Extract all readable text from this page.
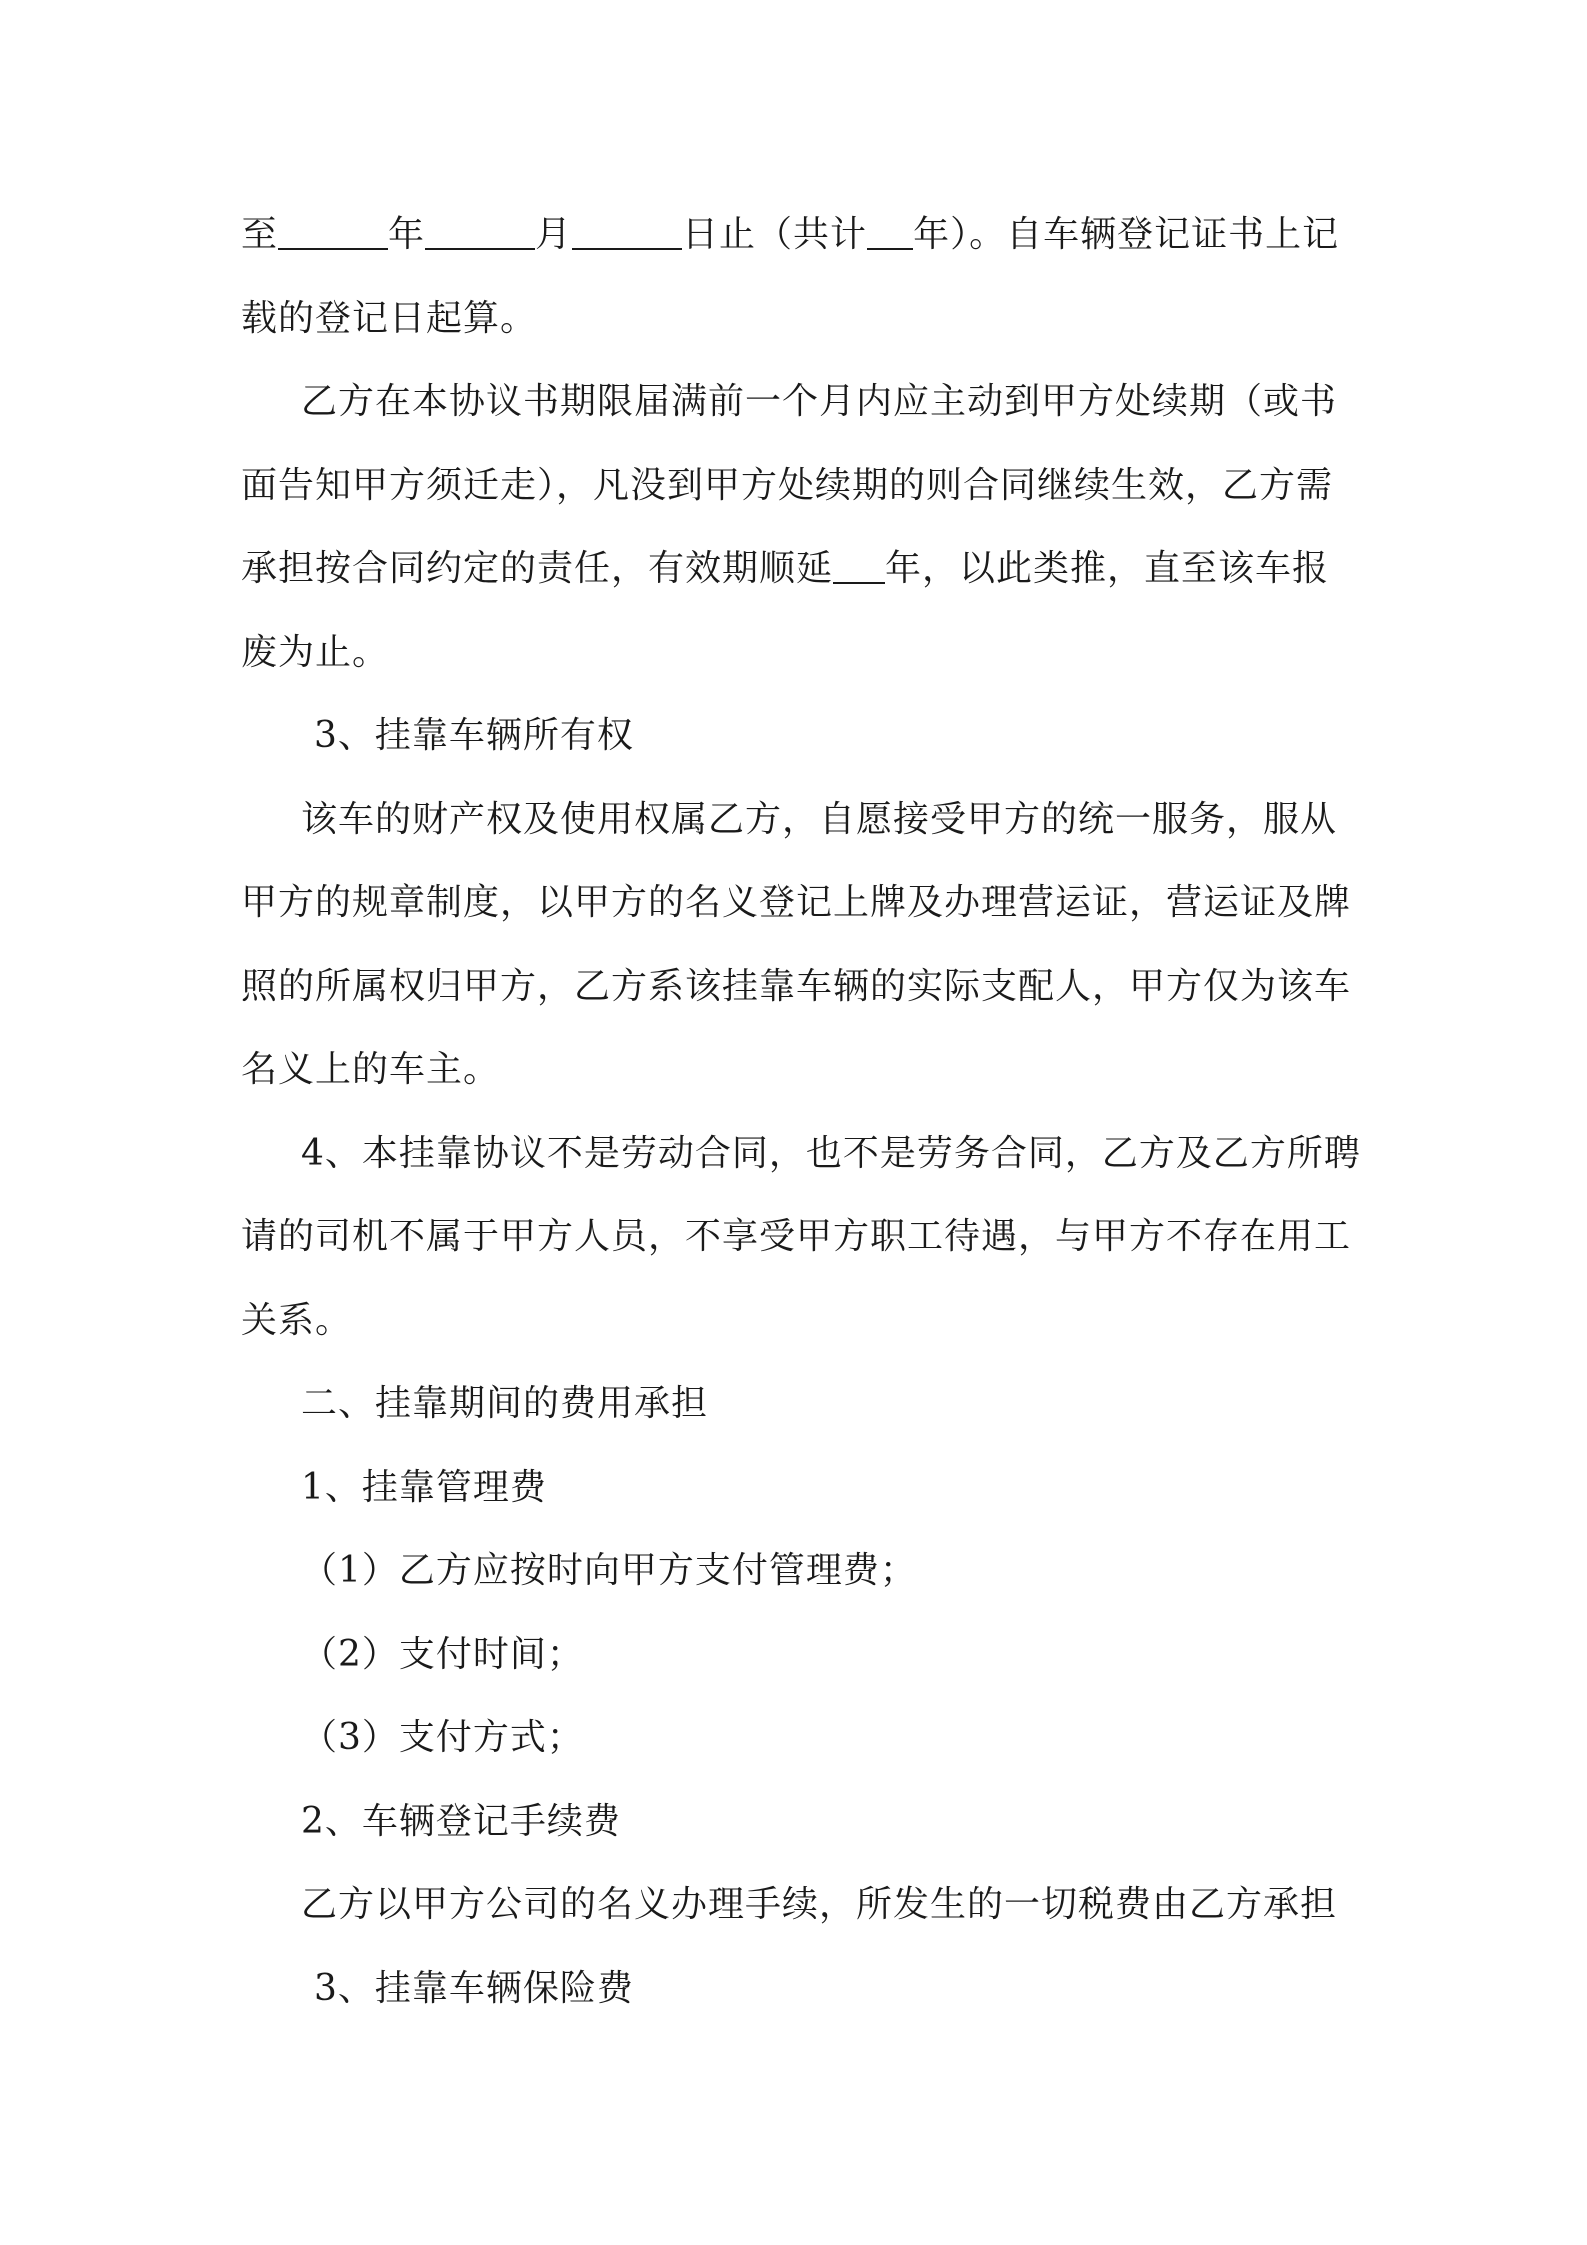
至	年	月	日止（共计 年）。自车辆登记证书上记
载的登记日起算。
乙方在本协议书期限届满前一个月内应主动到甲方处续期（或书
面告知甲方须迁走），凡没到甲方处续期的则合同继续生效，乙方需
承担按合同约定的责任，有效期顺延 年，以此类推，直至该车报
废为止。
3、挂靠车辆所有权
该车的财产权及使用权属乙方，自愿接受甲方的统一服务，服从
甲方的规章制度，以甲方的名义登记上牌及办理营运证，营运证及牌
照的所属权归甲方，乙方系该挂靠车辆的实际支配人，甲方仅为该车
名义上的车主。
4、本挂靠协议不是劳动合同，也不是劳务合同，乙方及乙方所聘
请的司机不属于甲方人员，不享受甲方职工待遇，与甲方不存在用工
关系。
二、挂靠期间的费用承担
1、挂靠管理费
（1）乙方应按时向甲方支付管理费；
（2）支付时间；
（3）支付方式；
2、车辆登记手续费
乙方以甲方公司的名义办理手续，所发生的一切税费由乙方承担
3、挂靠车辆保险费
